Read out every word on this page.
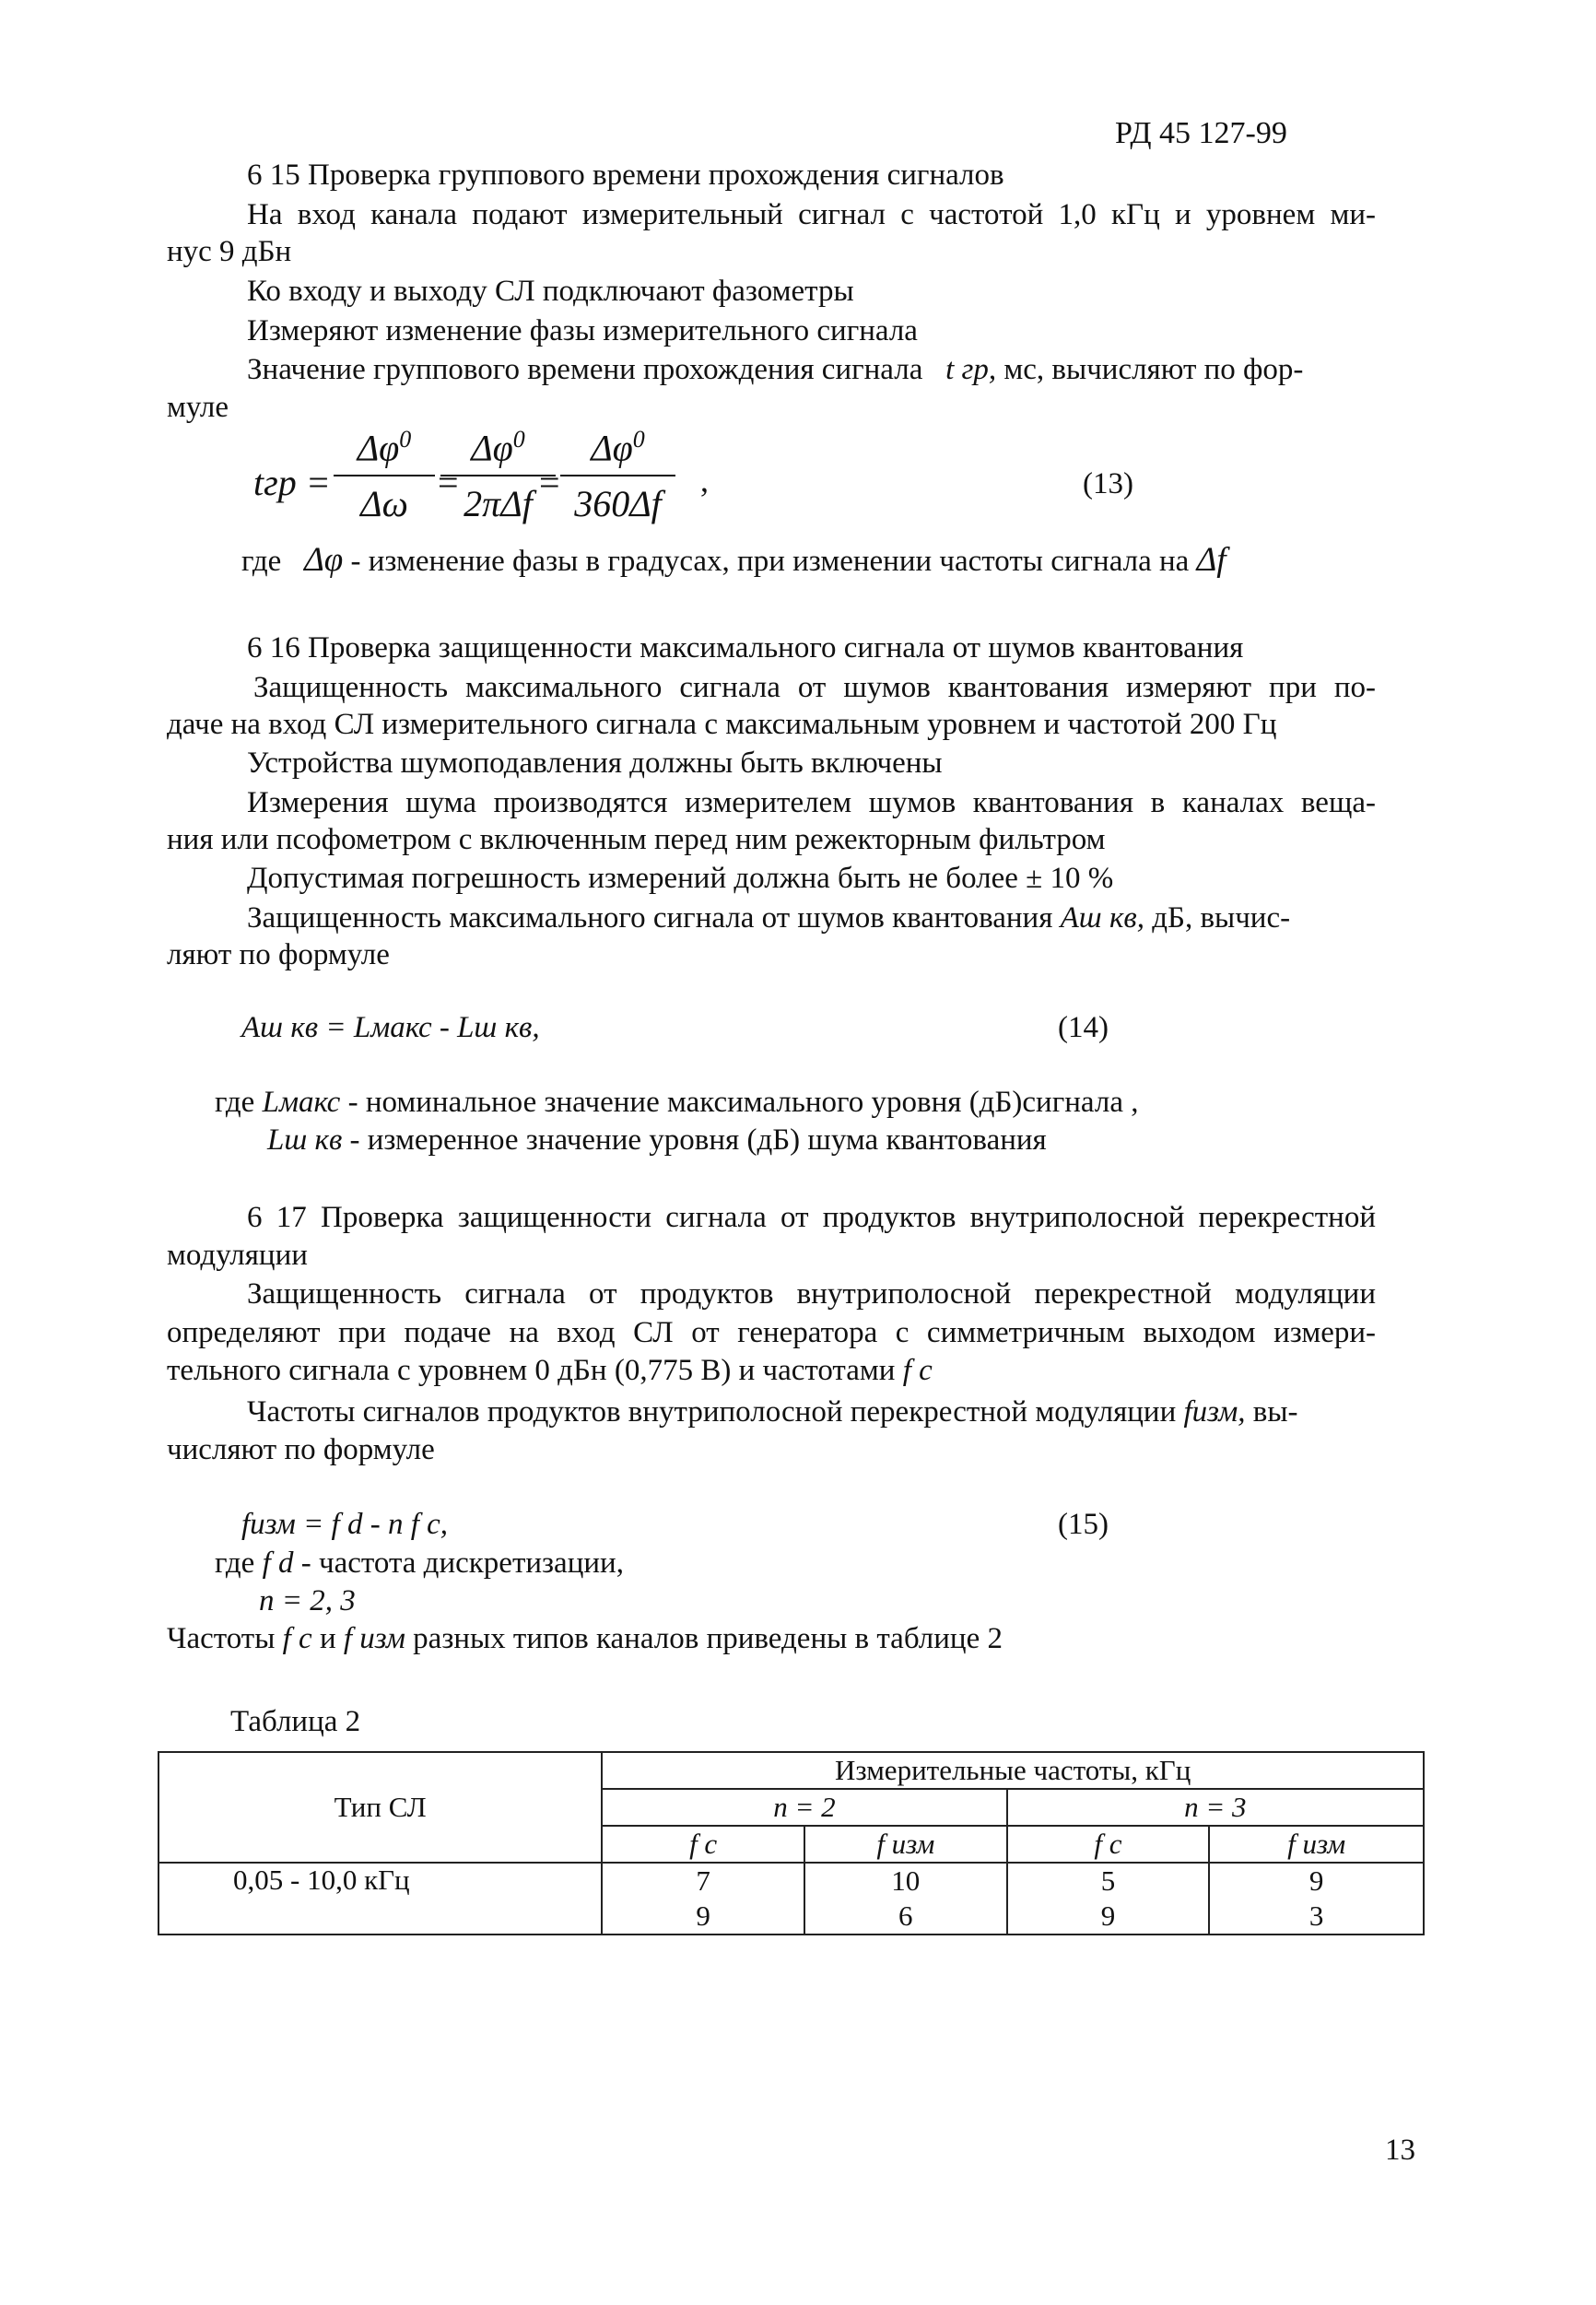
РД 45 127-99
6 15 Проверка группового времени прохождения сигналов
На вход канала подают измерительный сигнал с частотой 1,0 кГц и уровнем ми-
нус 9 дБн
Ко входу и выходу СЛ подключают фазометры
Измеряют изменение фазы измерительного сигнала
Значение группового времени прохождения сигнала t гр, мс, вычисляют по фор-
муле
tгр = $\frac{\Delta\varphi^0}{\Delta\omega}$ =
$\Delta\varphi^0$
2πΔf
= $\frac{\Delta\varphi^0}{360\Delta f}$ ,	(13)
где Δφ - изменение фазы в градусах, при изменении частоты сигнала на Δf
6 16 Проверка защищенности максимального сигнала от шумов квантования
Защищенность максимального сигнала от шумов квантования измеряют при по-
даче на вход СЛ измерительного сигнала с максимальным уровнем и частотой 200 Гц
Устройства шумоподавления должны быть включены
Измерения шума производятся измерителем шумов квантования в каналах веща-
ния или псофометром с включенным перед ним режекторным фильтром
Допустимая погрешность измерений должна быть не более ± 10 %
Защищенность максимального сигнала от шумов квантования Аш кв, дБ, вычис-
ляют по формуле
Аш кв = Lмакс - Lш кв,	(14)
где Lмакс - номинальное значение максимального уровня (дБ)сигнала ,
Lш кв - измеренное значение уровня (дБ) шума квантования
6 17 Проверка защищенности сигнала от продуктов внутриполосной перекрестной
модуляции
Защищенность сигнала от продуктов внутриполосной перекрестной модуляции
определяют при подаче на вход СЛ от генератора с симметричным выходом измери-
тельного сигнала с уровнем 0 дБн (0,775 В) и частотами f c
Частоты сигналов продуктов внутриполосной перекрестной модуляции fизм, вы-
числяют по формуле
fизм = f d - n f c,	(15)
где f d - частота дискретизации,
n = 2, 3
Частоты f c и f изм разных типов каналов приведены в таблице 2
Таблица 2
Тип СЛ	Измерительные частоты, кГц			
	n = 2		n = 3	
	f c	f изм	f c	f изм
0,05 - 10,0 кГц	7	10	5	9
	9	6	9	3
13
